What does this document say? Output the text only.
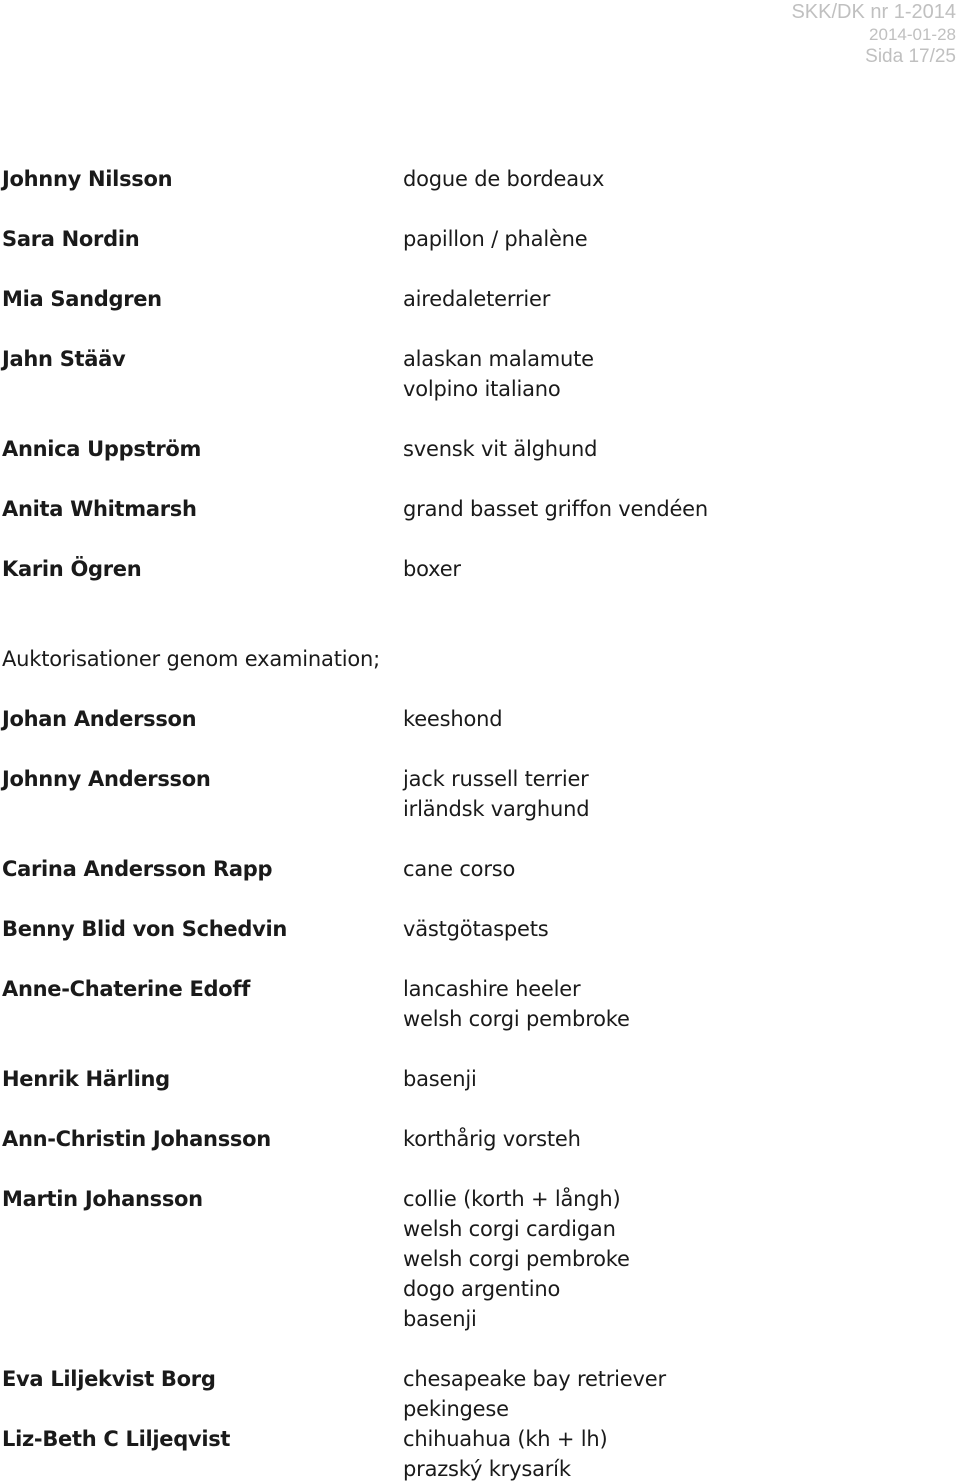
SKK/DK nr 1-2014
2014-01-28
Sida 17/25
Johnny Nilsson	dogue de bordeaux
Sara Nordin	papillon / phalène
Mia Sandgren	airedaleterrier
Jahn Stääv	alaskan malamute
volpino italiano
Annica Uppström	svensk vit älghund
Anita Whitmarsh	grand basset griffon vendéen
Karin Ögren	boxer
Auktorisationer genom examination;
Johan Andersson	keeshond
Johnny Andersson	jack russell terrier
irländsk varghund
Carina Andersson Rapp	cane corso
Benny Blid von Schedvin	västgötaspets
Anne-Chaterine Edoff	lancashire heeler
welsh corgi pembroke
Henrik Härling	basenji
Ann-Christin Johansson	korthårig vorsteh
Martin Johansson	collie (korth + långh)
welsh corgi cardigan
welsh corgi pembroke
dogo argentino
basenji
Eva Liljekvist Borg	chesapeake bay retriever
pekingese
Liz-Beth C Liljeqvist	chihuahua (kh + lh)
prazský krysarík
